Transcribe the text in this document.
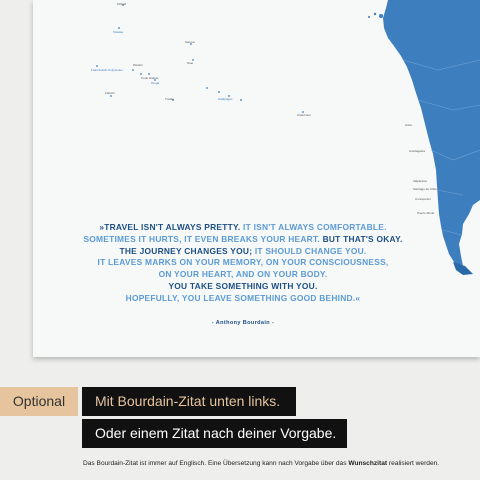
Kiribati
Tokelau
Samoa
Französisch-Polynesien
Pitcairn
Cook Islands
Tonga
Niue
Fidschi
Tuvalu	Galápagos
Osterinsel
Arica
Antofagasta
Valparaíso
Santiago de Chile
Concepción
Puerto Montt
»TRAVEL ISN'T ALWAYS PRETTY. IT ISN'T ALWAYS COMFORTABLE.
SOMETIMES IT HURTS, IT EVEN BREAKS YOUR HEART. BUT THAT'S OKAY.
THE JOURNEY CHANGES YOU; IT SHOULD CHANGE YOU.
IT LEAVES MARKS ON YOUR MEMORY, ON YOUR CONSCIOUSNESS,
ON YOUR HEART, AND ON YOUR BODY.
YOU TAKE SOMETHING WITH YOU.
HOPEFULLY, YOU LEAVE SOMETHING GOOD BEHIND.«
- Anthony Bourdain -
Optional	Mit Bourdain-Zitat unten links.
Oder einem Zitat nach deiner Vorgabe.
Das Bourdain-Zitat ist immer auf Englisch. Eine Übersetzung kann nach Vorgabe über das Wunschzitat realisiert werden.
